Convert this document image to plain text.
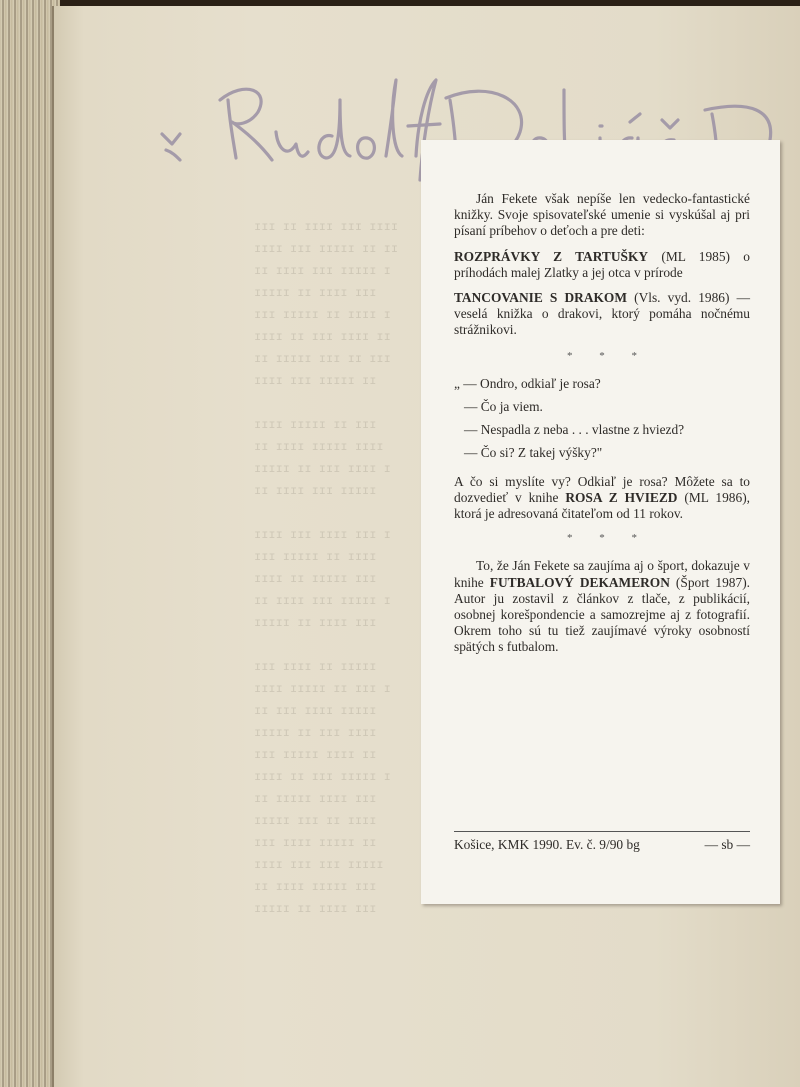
ɪɪɪ ɪɪ ɪɪɪɪ ɪɪɪ ɪɪɪɪ
ɪɪɪɪ ɪɪɪ ɪɪɪɪɪ ɪɪ ɪɪ
ɪɪ ɪɪɪɪ ɪɪɪ ɪɪɪɪɪ ɪ
ɪɪɪɪɪ ɪɪ ɪɪɪɪ ɪɪɪ
ɪɪɪ ɪɪɪɪɪ ɪɪ ɪɪɪɪ ɪ
ɪɪɪɪ ɪɪ ɪɪɪ ɪɪɪɪ ɪɪ
ɪɪ ɪɪɪɪɪ ɪɪɪ ɪɪ ɪɪɪ
ɪɪɪɪ ɪɪɪ ɪɪɪɪɪ ɪɪ

ɪɪɪɪ ɪɪɪɪɪ ɪɪ ɪɪɪ
ɪɪ ɪɪɪɪ ɪɪɪɪɪ ɪɪɪɪ
ɪɪɪɪɪ ɪɪ ɪɪɪ ɪɪɪɪ ɪ
ɪɪ ɪɪɪɪ ɪɪɪ ɪɪɪɪɪ

ɪɪɪɪ ɪɪɪ ɪɪɪɪ ɪɪɪ ɪ
ɪɪɪ ɪɪɪɪɪ ɪɪ ɪɪɪɪ
ɪɪɪɪ ɪɪ ɪɪɪɪɪ ɪɪɪ
ɪɪ ɪɪɪɪ ɪɪɪ ɪɪɪɪɪ ɪ
ɪɪɪɪɪ ɪɪ ɪɪɪɪ ɪɪɪ

ɪɪɪ ɪɪɪɪ ɪɪ ɪɪɪɪɪ
ɪɪɪɪ ɪɪɪɪɪ ɪɪ ɪɪɪ ɪ
ɪɪ ɪɪɪ ɪɪɪɪ ɪɪɪɪɪ
ɪɪɪɪɪ ɪɪ ɪɪɪ ɪɪɪɪ
ɪɪɪ ɪɪɪɪɪ ɪɪɪɪ ɪɪ
ɪɪɪɪ ɪɪ ɪɪɪ ɪɪɪɪɪ ɪ
ɪɪ ɪɪɪɪɪ ɪɪɪɪ ɪɪɪ
ɪɪɪɪɪ ɪɪɪ ɪɪ ɪɪɪɪ
ɪɪɪ ɪɪɪɪ ɪɪɪɪɪ ɪɪ
ɪɪɪɪ ɪɪɪ ɪɪɪ ɪɪɪɪɪ
ɪɪ ɪɪɪɪ ɪɪɪɪɪ ɪɪɪ
ɪɪɪɪɪ ɪɪ ɪɪɪɪ ɪɪɪ

Ján Fekete však nepíše len vedecko-fantastické knižky. Svoje spisovateľské umenie si vyskúšal aj pri písaní príbehov o deťoch a pre deti:

ROZPRÁVKY Z TARTUŠKY (ML 1985) o príhodách malej Zlatky a jej otca v prírode

TANCOVANIE S DRAKOM (Vls. vyd. 1986) — veselá knižka o drakovi, ktorý pomáha nočnému strážnikovi.

* * *
„ — Ondro, odkiaľ je rosa?
— Čo ja viem.
— Nespadla z neba . . . vlastne z hviezd?
— Čo si? Z takej výšky?"

A čo si myslíte vy? Odkiaľ je rosa? Môžete sa to dozvedieť v knihe ROSA Z HVIEZD (ML 1986), ktorá je adresovaná čitateľom od 11 rokov.

* * *

To, že Ján Fekete sa zaujíma aj o šport, dokazuje v knihe FUTBALOVÝ DEKAMERON (Šport 1987). Autor ju zostavil z článkov z tlače, z publikácií, osobnej korešpondencie a samozrejme aj z fotografií. Okrem toho sú tu tiež zaujímavé výroky osobností spätých s futbalom.

Košice, KMK 1990. Ev. č. 9/90 bg	— sb —
